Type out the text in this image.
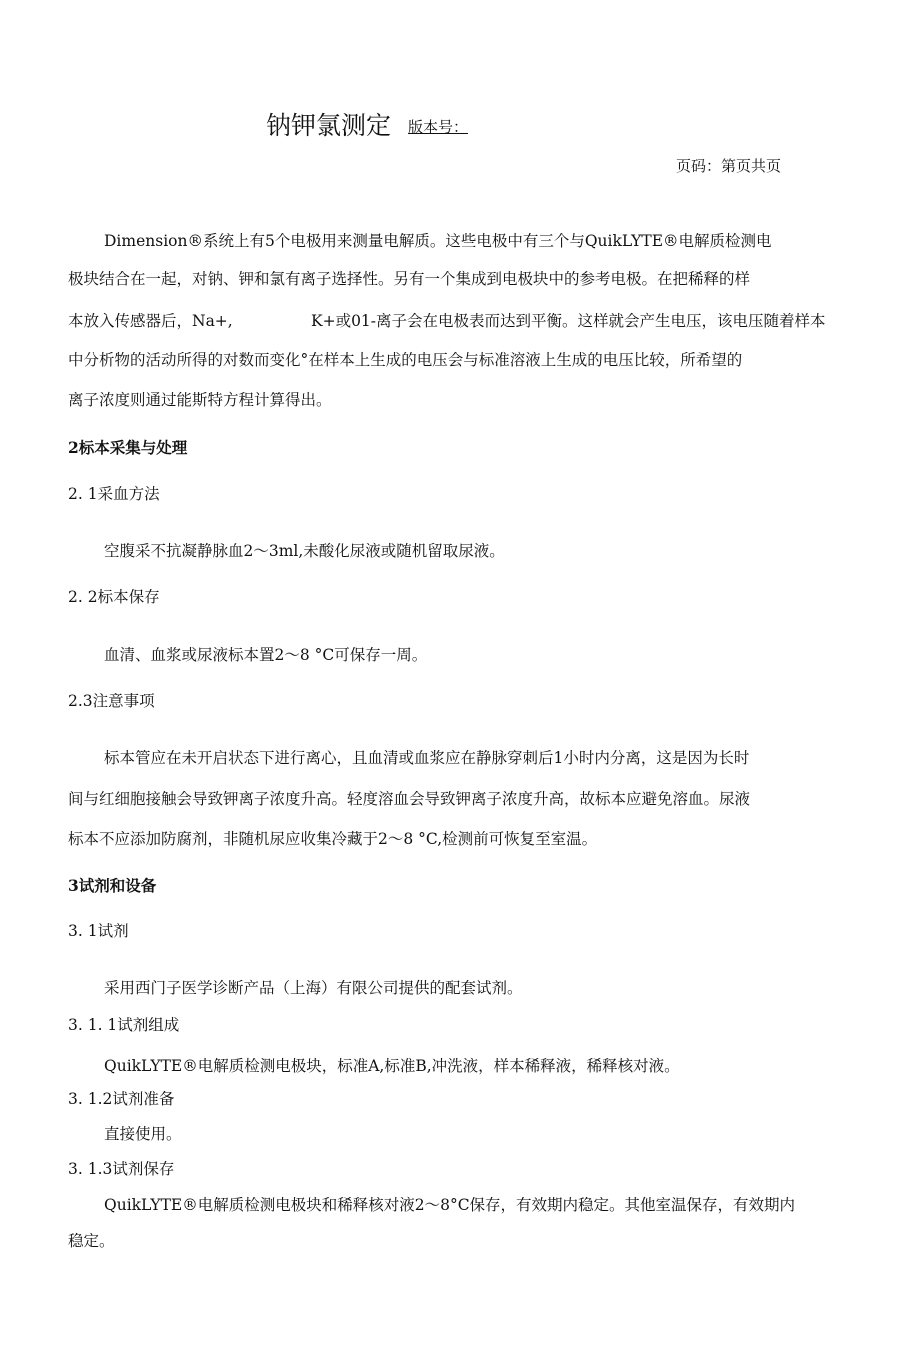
钠钾氯测定 版本号：
页码：第页共页
Dimension®系统上有5个电极用来测量电解质。这些电极中有三个与QuikLYTE®电解质检测电
极块结合在一起，对钠、钾和氯有离子选择性。另有一个集成到电极块中的参考电极。在把稀释的样
本放入传感器后，Na+,	K+或01-离子会在电极表而达到平衡。这样就会产生电压，该电压随着样本
中分析物的活动所得的对数而变化°在样本上生成的电压会与标准溶液上生成的电压比较，所希望的
离子浓度则通过能斯特方程计算得出。
2标本采集与处理
2. 1采血方法
空腹采不抗凝静脉血2〜3ml,未酸化尿液或随机留取尿液。
2. 2标本保存
血清、血浆或尿液标本置2〜8 °C可保存一周。
2.3注意事项
标本管应在未开启状态下进行离心，且血清或血浆应在静脉穿刺后1小时内分离，这是因为长时
间与红细胞接触会导致钾离子浓度升高。轻度溶血会导致钾离子浓度升高，故标本应避免溶血。尿液
标本不应添加防腐剂，非随机尿应收集冷藏于2〜8 °C,检测前可恢复至室温。
3试剂和设备
3. 1试剂
采用西门子医学诊断产品（上海）有限公司提供的配套试剂。
3. 1. 1试剂组成
QuikLYTE®电解质检测电极块，标准A,标准B,冲洗液，样本稀释液，稀释核对液。
3. 1.2试剂准备
直接使用。
3. 1.3试剂保存
QuikLYTE®电解质检测电极块和稀释核对液2〜8°C保存，有效期内稳定。其他室温保存，有效期内
稳定。
